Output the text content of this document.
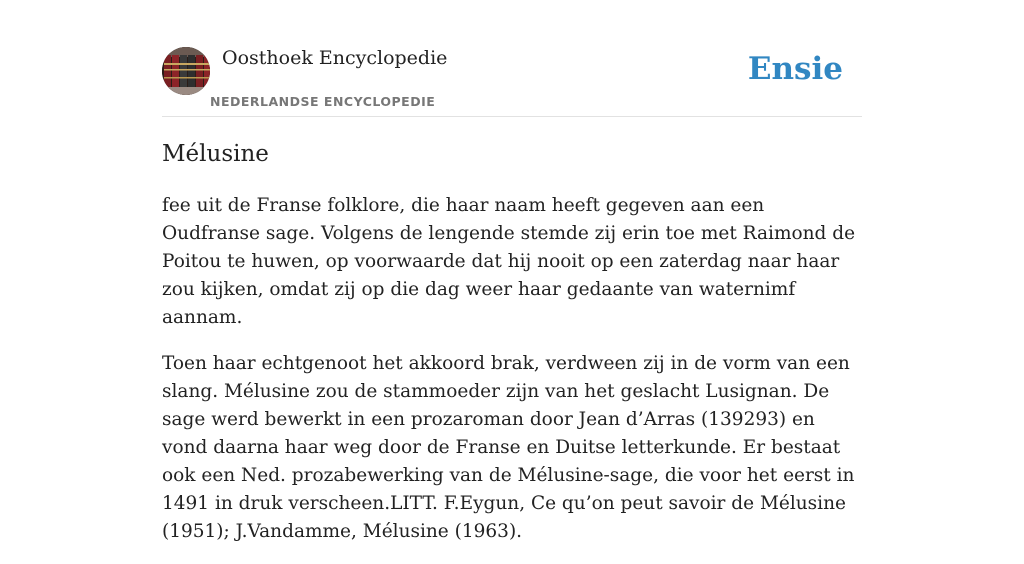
Oosthoek Encyclopedie
NEDERLANDSE ENCYCLOPEDIE
Ensie
Mélusine

fee uit de Franse folklore, die haar naam heeft gegeven aan een Oudfranse sage. Volgens de lengende stemde zij erin toe met Raimond de Poitou te huwen, op voorwaarde dat hij nooit op een zaterdag naar haar zou kijken, omdat zij op die dag weer haar gedaante van waternimf aannam.

Toen haar echtgenoot het akkoord brak, verdween zij in de vorm van een slang. Mélusine zou de stammoeder zijn van het geslacht Lusignan. De sage werd bewerkt in een prozaroman door Jean d’Arras (139293) en vond daarna haar weg door de Franse en Duitse letterkunde. Er bestaat ook een Ned. prozabewerking van de Mélusine-sage, die voor het eerst in 1491 in druk verscheen.LITT. F.Eygun, Ce qu’on peut savoir de Mélusine (1951); J.Vandamme, Mélusine (1963).
